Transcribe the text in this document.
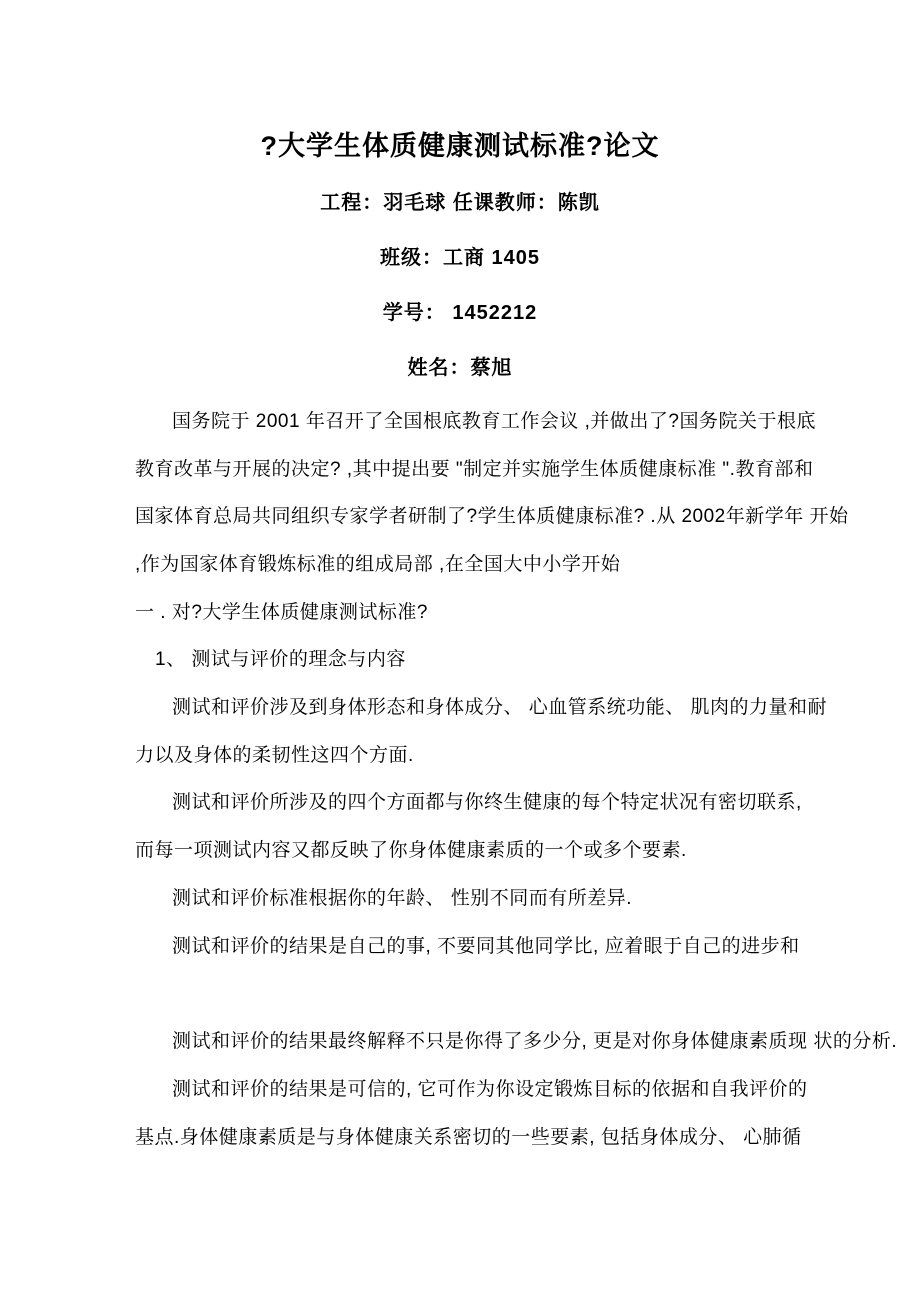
?大学生体质健康测试标准?论文
工程：羽毛球 任课教师：陈凯
班级：工商 1405
学号： 1452212
姓名：蔡旭
国务院于 2001 年召开了全国根底教育工作会议 ,并做出了?国务院关于根底
教育改革与开展的决定? ,其中提出要 "制定并实施学生体质健康标准 ".教育部和
国家体育总局共同组织专家学者研制了?学生体质健康标准? .从 2002年新学年 开始
,作为国家体育锻炼标准的组成局部 ,在全国大中小学开始
一 . 对?大学生体质健康测试标准?
1、 测试与评价的理念与内容
测试和评价涉及到身体形态和身体成分、 心血管系统功能、 肌肉的力量和耐
力以及身体的柔韧性这四个方面.
测试和评价所涉及的四个方面都与你终生健康的每个特定状况有密切联系,
而每一项测试内容又都反映了你身体健康素质的一个或多个要素.
测试和评价标准根据你的年龄、 性别不同而有所差异.
测试和评价的结果是自己的事, 不要同其他同学比, 应着眼于自己的进步和
测试和评价的结果最终解释不只是你得了多少分, 更是对你身体健康素质现 状的分析.
测试和评价的结果是可信的, 它可作为你设定锻炼目标的依据和自我评价的
基点.身体健康素质是与身体健康关系密切的一些要素, 包括身体成分、 心肺循
